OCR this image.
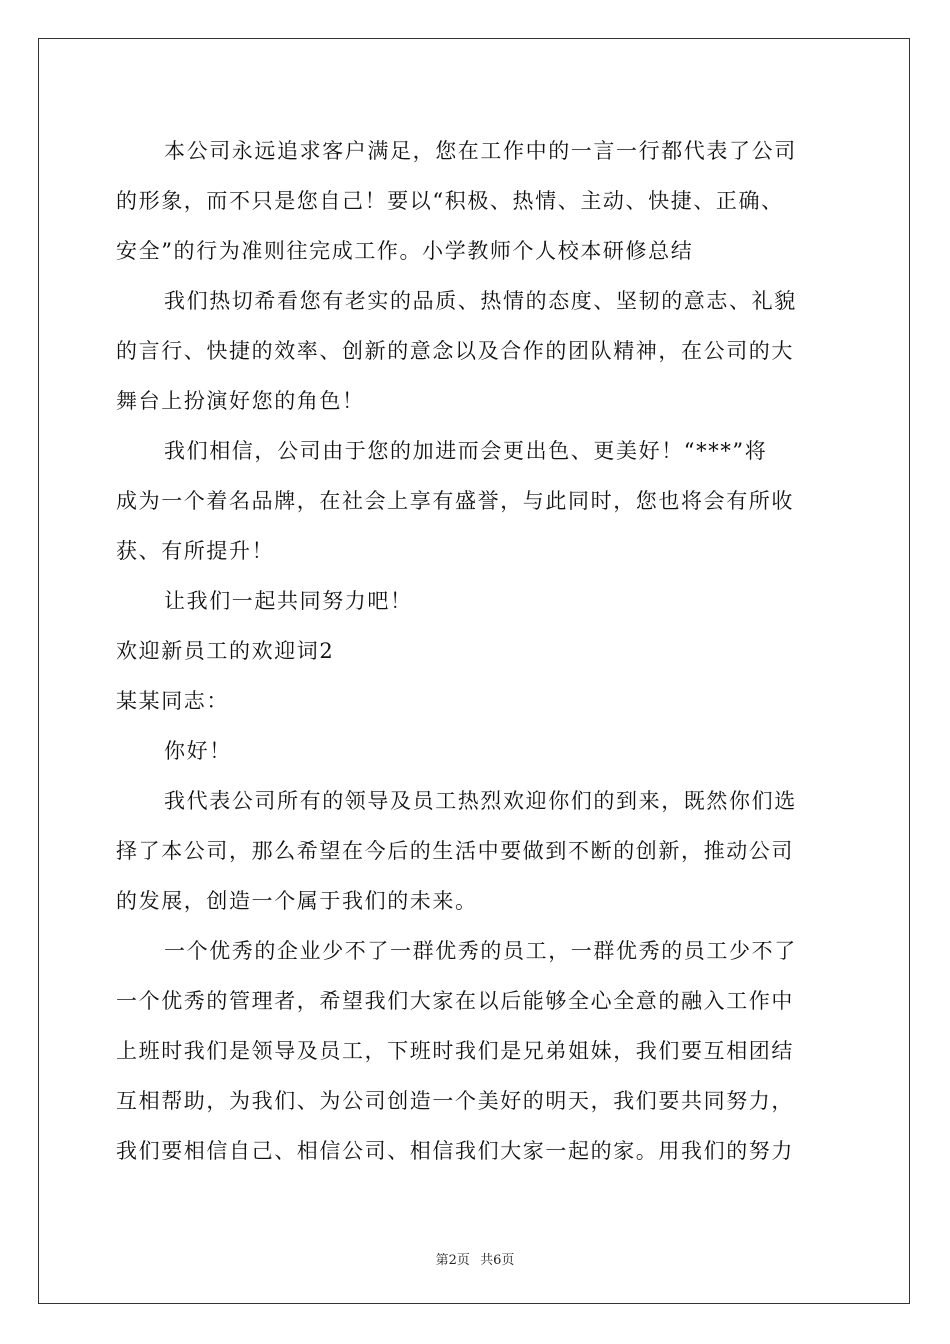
本公司永远追求客户满足，您在工作中的一言一行都代表了公司
的形象，而不只是您自己！要以“积极、热情、主动、快捷、正确、
安全”的行为准则往完成工作。小学教师个人校本研修总结
我们热切希看您有老实的品质、热情的态度、坚韧的意志、礼貌
的言行、快捷的效率、创新的意念以及合作的团队精神，在公司的大
舞台上扮演好您的角色！
我们相信，公司由于您的加进而会更出色、更美好！“***”将
成为一个着名品牌，在社会上享有盛誉，与此同时，您也将会有所收
获、有所提升！
让我们一起共同努力吧！
欢迎新员工的欢迎词2
某某同志：
你好！
我代表公司所有的领导及员工热烈欢迎你们的到来，既然你们选
择了本公司，那么希望在今后的生活中要做到不断的创新，推动公司
的发展，创造一个属于我们的未来。
一个优秀的企业少不了一群优秀的员工，一群优秀的员工少不了
一个优秀的管理者，希望我们大家在以后能够全心全意的融入工作中
上班时我们是领导及员工，下班时我们是兄弟姐妹，我们要互相团结
互相帮助，为我们、为公司创造一个美好的明天，我们要共同努力，
我们要相信自己、相信公司、相信我们大家一起的家。用我们的努力
第2页 共6页
